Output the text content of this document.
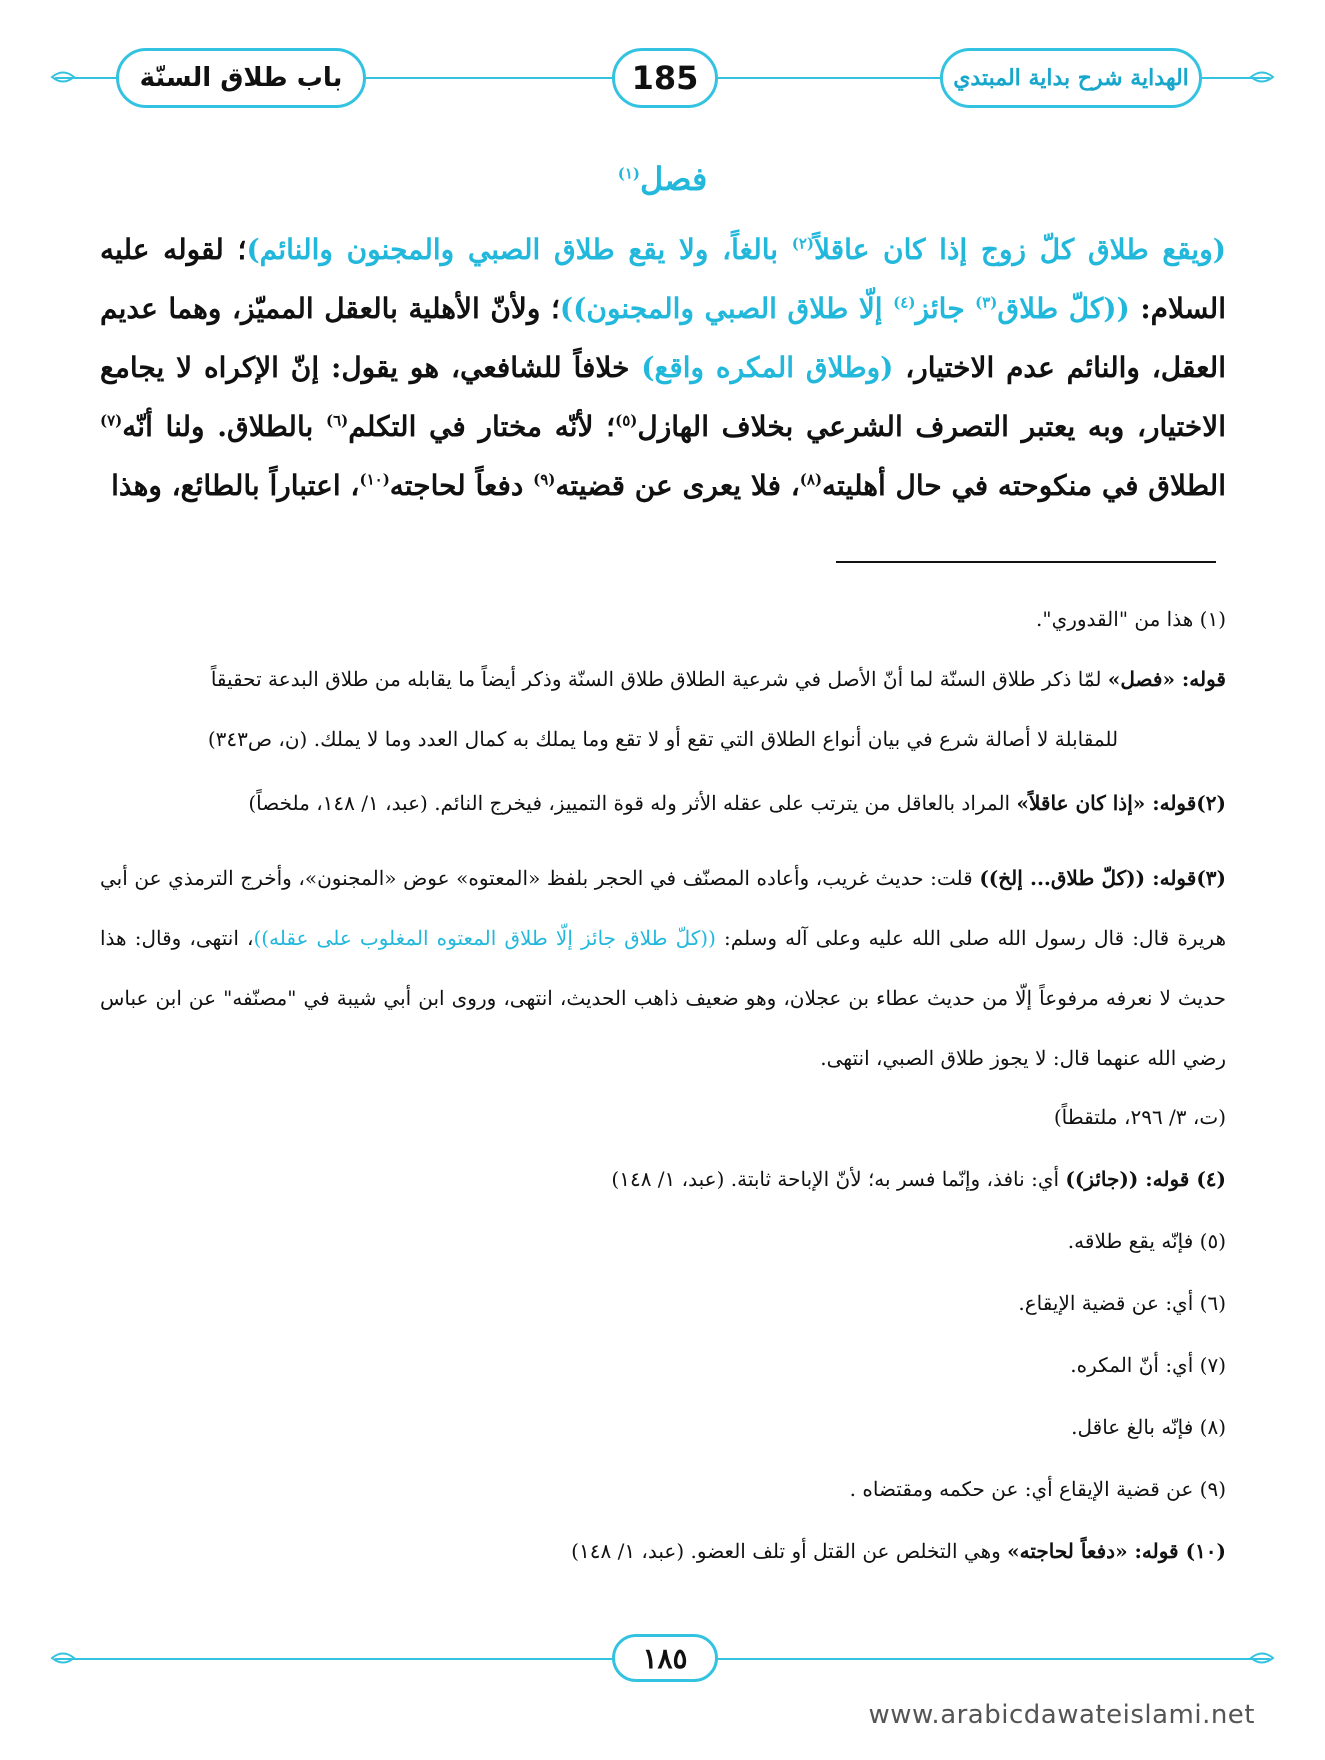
باب طلاق السنّة	185	الهداية شرح بداية المبتدي
فصل$^{(١)}$
(ويقع طلاق كلّ زوج إذا كان عاقلاً$^{(٢)}$ بالغاً، ولا يقع طلاق الصبي والمجنون والنائم)؛ لقوله عليه السلام: ((كلّ طلاق$^{(٣)}$ جائز$^{(٤)}$ إلّا طلاق الصبي والمجنون))؛ ولأنّ الأهلية بالعقل المميّز، وهما عديم العقل، والنائم عدم الاختيار، (وطلاق المكره واقع) خلافاً للشافعي، هو يقول: إنّ الإكراه لا يجامع الاختيار، وبه يعتبر التصرف الشرعي بخلاف الهازل$^{(٥)}$؛ لأنّه مختار في التكلم$^{(٦)}$ بالطلاق. ولنا أنّه$^{(٧)}$ الطلاق في منكوحته في حال أهليته$^{(٨)}$، فلا يعرى عن قضيته$^{(٩)}$ دفعاً لحاجته$^{(١٠)}$، اعتباراً بالطائع، وهذا
(١) هذا من "القدوري".
قوله: «فصل» لمّا ذكر طلاق السنّة لما أنّ الأصل في شرعية الطلاق طلاق السنّة وذكر أيضاً ما يقابله من طلاق البدعة تحقيقاً
للمقابلة لا أصالة شرع في بيان أنواع الطلاق التي تقع أو لا تقع وما يملك به كمال العدد وما لا يملك. (ن، ص٣٤٣)
(٢)قوله: «إذا كان عاقلاً» المراد بالعاقل من يترتب على عقله الأثر وله قوة التمييز، فيخرج النائم. (عبد، ١/ ١٤٨، ملخصاً)
(٣)قوله: ((كلّ طلاق... إلخ)) قلت: حديث غريب، وأعاده المصنّف في الحجر بلفظ «المعتوه» عوض «المجنون»، وأخرج الترمذي عن أبي هريرة قال: قال رسول الله صلى الله عليه وعلى آله وسلم: ((كلّ طلاق جائز إلّا طلاق المعتوه المغلوب على عقله))، انتهى، وقال: هذا حديث لا نعرفه مرفوعاً إلّا من حديث عطاء بن عجلان، وهو ضعيف ذاهب الحديث، انتهى، وروى ابن أبي شيبة في "مصنّفه" عن ابن عباس رضي الله عنهما قال: لا يجوز طلاق الصبي، انتهى.
(ت، ٣/ ٢٩٦، ملتقطاً)
(٤) قوله: ((جائز)) أي: نافذ، وإنّما فسر به؛ لأنّ الإباحة ثابتة. (عبد، ١/ ١٤٨)
(٥) فإنّه يقع طلاقه.
(٦) أي: عن قضية الإيقاع.
(٧) أي: أنّ المكره.
(٨) فإنّه بالغ عاقل.
(٩) عن قضية الإيقاع أي: عن حكمه ومقتضاه .
(١٠) قوله: «دفعاً لحاجته» وهي التخلص عن القتل أو تلف العضو. (عبد، ١/ ١٤٨)
١٨٥
www.arabicdawateislami.net
